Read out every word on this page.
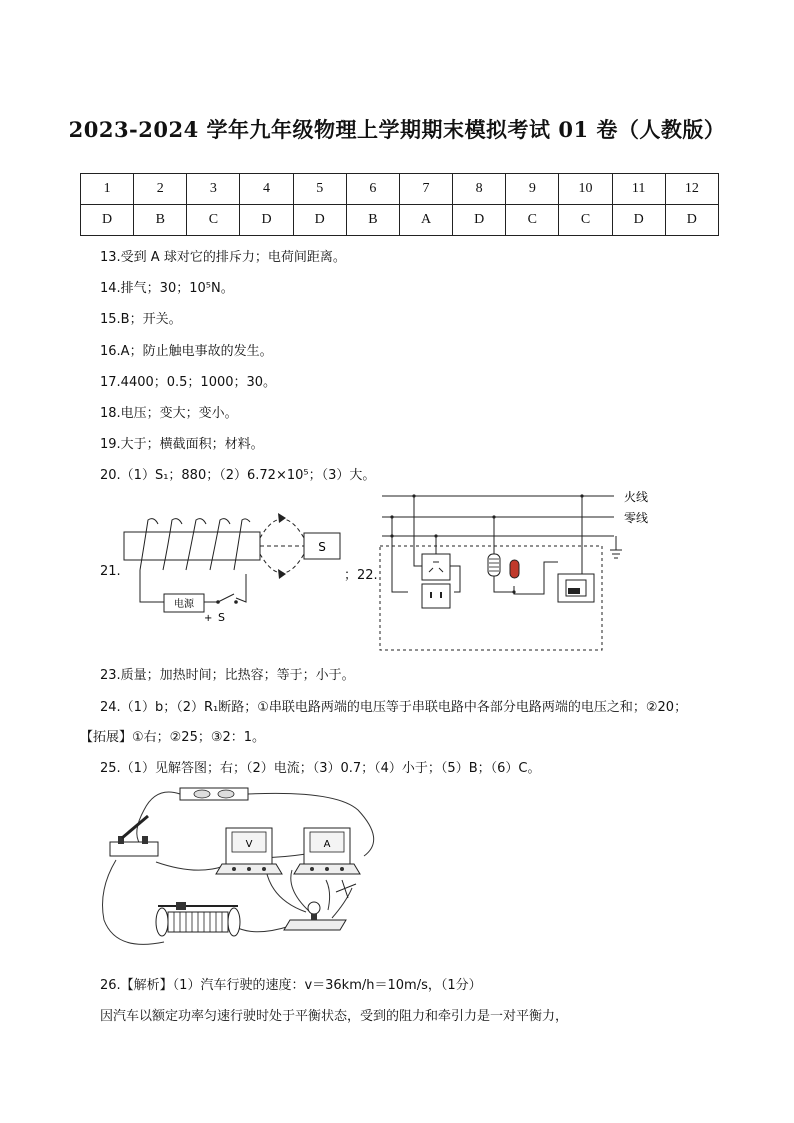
2023-2024 学年九年级物理上学期期末模拟考试 01 卷（人教版）
1	2	3	4	5	6	7	8	9	10	11	12
D	B	C	D	D	B	A	D	C	C	D	D
13.受到 A 球对它的排斥力；电荷间距离。
14.排气；30；10⁵N。
15.B；开关。
16.A；防止触电事故的发生。
17.4400；0.5；1000；30。
18.电压；变大；变小。
19.大于；横截面积；材料。
20.（1）S₁；880；（2）6.72×10⁵；（3）大。
21.	；22.
电源
+ S
S
火线
零线
23.质量；加热时间；比热容；等于；小于。
24.（1）b；（2）R₁断路；①串联电路两端的电压等于串联电路中各部分电路两端的电压之和；②20；
【拓展】①右；②25；③2：1。
25.（1）见解答图；右；（2）电流；（3）0.7；（4）小于；（5）B；（6）C。
V	A
26.【解析】（1）汽车行驶的速度：v＝36km/h＝10m/s，（1分）
因汽车以额定功率匀速行驶时处于平衡状态，受到的阻力和牵引力是一对平衡力，
